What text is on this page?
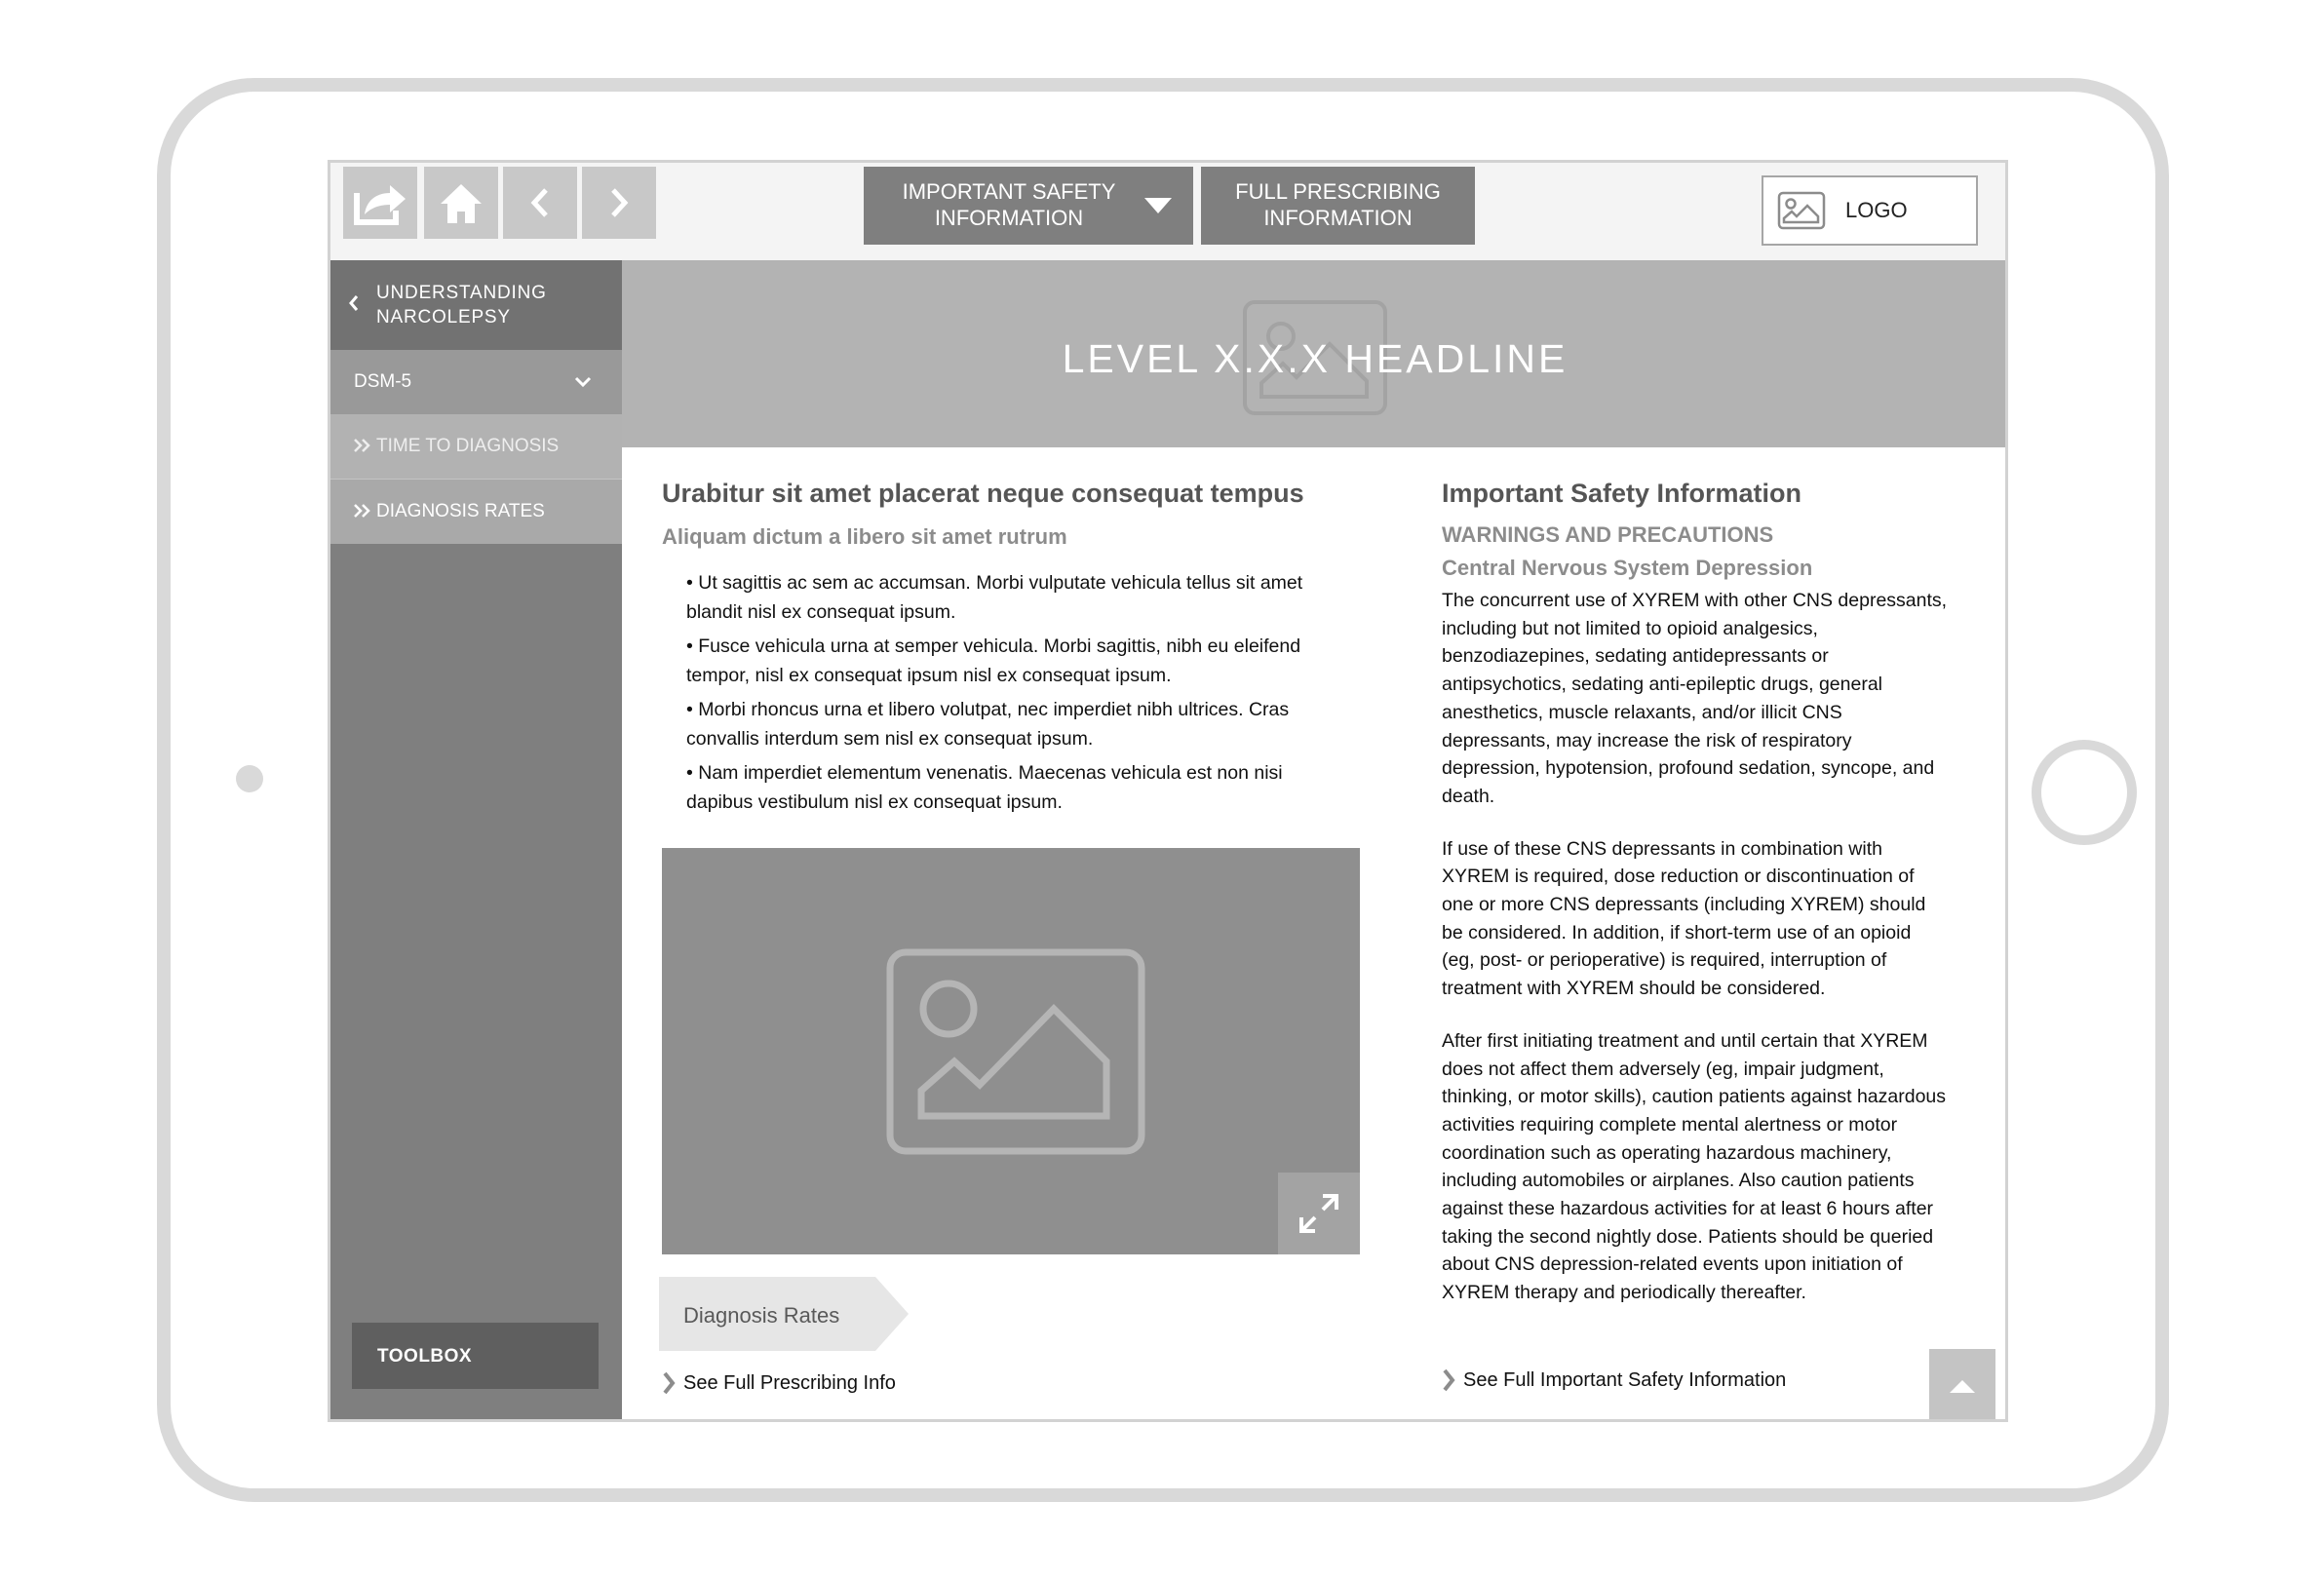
IMPORTANT SAFETY
INFORMATION
FULL PRESCRIBING
INFORMATION	LOGO
UNDERSTANDING
NARCOLEPSY
DSM-5
TIME TO DIAGNOSIS
DIAGNOSIS RATES
TOOLBOX
LEVEL X.X.X HEADLINE
Urabitur sit amet placerat neque consequat tempus
Aliquam dictum a libero sit amet rutrum
• Ut sagittis ac sem ac accumsan. Morbi vulputate vehicula tellus sit amet blandit nisl ex consequat ipsum.
• Fusce vehicula urna at semper vehicula. Morbi sagittis, nibh eu eleifend tempor, nisl ex consequat ipsum nisl ex consequat ipsum.
• Morbi rhoncus urna et libero volutpat, nec imperdiet nibh ultrices. Cras convallis interdum sem nisl ex consequat ipsum.
• Nam imperdiet elementum venenatis. Maecenas vehicula est non nisi dapibus vestibulum nisl ex consequat ipsum.
Diagnosis Rates
See Full Prescribing Info
Important Safety Information
WARNINGS AND PRECAUTIONS
Central Nervous System Depression

The concurrent use of XYREM with other CNS depressants, including but not limited to opioid analgesics, benzodiazepines, sedating antidepressants or antipsychotics, sedating anti-epileptic drugs, general anesthetics, muscle relaxants, and/or illicit CNS depressants, may increase the risk of respiratory depression, hypotension, profound sedation, syncope, and death.

If use of these CNS depressants in combination with XYREM is required, dose reduction or discontinuation of one or more CNS depressants (including XYREM) should be considered. In addition, if short-term use of an opioid (eg, post- or perioperative) is required, interruption of treatment with XYREM should be considered.

After first initiating treatment and until certain that XYREM does not affect them adversely (eg, impair judgment, thinking, or motor skills), caution patients against hazardous activities requiring complete mental alertness or motor coordination such as operating hazardous machinery, including automobiles or airplanes. Also caution patients against these hazardous activities for at least 6 hours after taking the second nightly dose. Patients should be queried about CNS depression-related events upon initiation of XYREM therapy and periodically thereafter.

See Full Important Safety Information
